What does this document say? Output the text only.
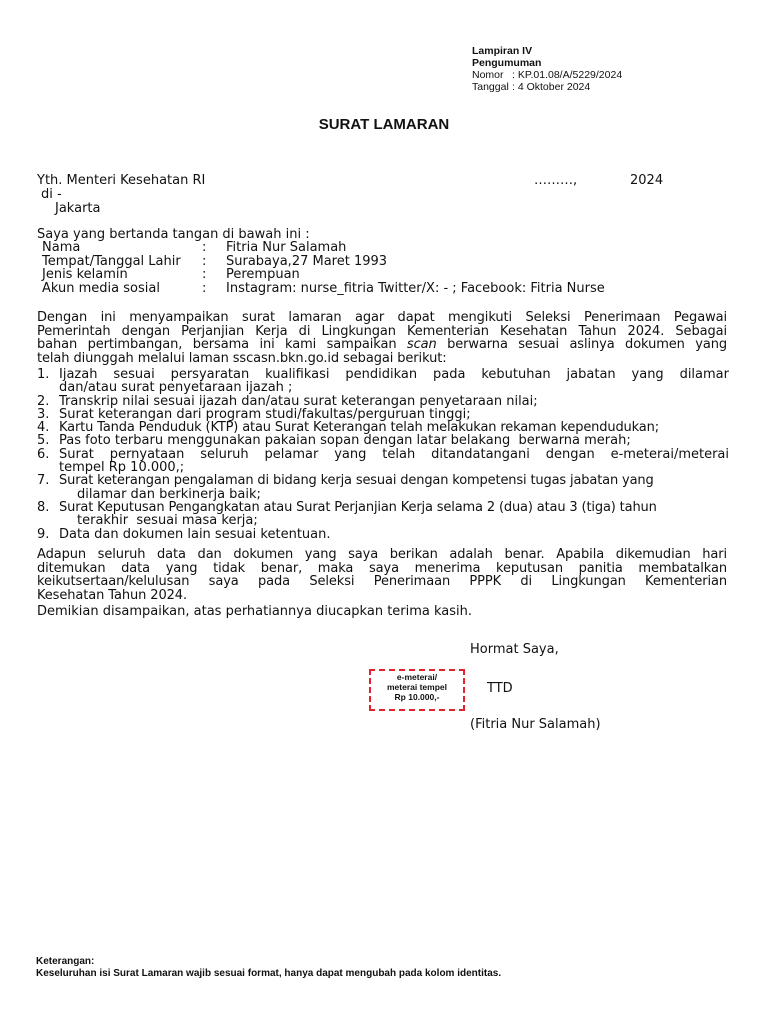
Lampiran IV
Pengumuman
Nomor : KP.01.08/A/5229/2024
Tanggal : 4 Oktober 2024
SURAT LAMARAN
Yth. Menteri Kesehatan RI
di -
Jakarta
………,	2024
Saya yang bertanda tangan di bawah ini :
Nama	:	Fitria Nur Salamah
Tempat/Tanggal Lahir	:	Surabaya,27 Maret 1993
Jenis kelamin	:	Perempuan
Akun media sosial	:	Instagram: nurse_fitria Twitter/X: - ; Facebook: Fitria Nurse
Dengan ini menyampaikan surat lamaran agar dapat mengikuti Seleksi Penerimaan Pegawai
Pemerintah dengan Perjanjian Kerja di Lingkungan Kementerian Kesehatan Tahun 2024. Sebagai
bahan pertimbangan, bersama ini kami sampaikan scan berwarna sesuai aslinya dokumen yang
telah diunggah melalui laman sscasn.bkn.go.id sebagai berikut:
1. Ijazah sesuai persyaratan kualifikasi pendidikan pada kebutuhan jabatan yang dilamar
dan/atau surat penyetaraan ijazah ;
2. Transkrip nilai sesuai ijazah dan/atau surat keterangan penyetaraan nilai;
3. Surat keterangan dari program studi/fakultas/perguruan tinggi;
4. Kartu Tanda Penduduk (KTP) atau Surat Keterangan telah melakukan rekaman kependudukan;
5. Pas foto terbaru menggunakan pakaian sopan dengan latar belakang  berwarna merah;
6. Surat pernyataan seluruh pelamar yang telah ditandatangani dengan e-meterai/meterai
tempel Rp 10.000,;
7. Surat keterangan pengalaman di bidang kerja sesuai dengan kompetensi tugas jabatan yang
dilamar dan berkinerja baik;
8. Surat Keputusan Pengangkatan atau Surat Perjanjian Kerja selama 2 (dua) atau 3 (tiga) tahun
terakhir  sesuai masa kerja;
9. Data dan dokumen lain sesuai ketentuan.
Adapun seluruh data dan dokumen yang saya berikan adalah benar. Apabila dikemudian hari
ditemukan data yang tidak benar, maka saya menerima keputusan panitia membatalkan
keikutsertaan/kelulusan saya pada Seleksi Penerimaan PPPK di Lingkungan Kementerian
Kesehatan Tahun 2024.
Demikian disampaikan, atas perhatiannya diucapkan terima kasih.
Hormat Saya,
e-meterai/
meterai tempel
Rp 10.000,-
TTD
(Fitria Nur Salamah)
Keterangan:
Keseluruhan isi Surat Lamaran wajib sesuai format, hanya dapat mengubah pada kolom identitas.
